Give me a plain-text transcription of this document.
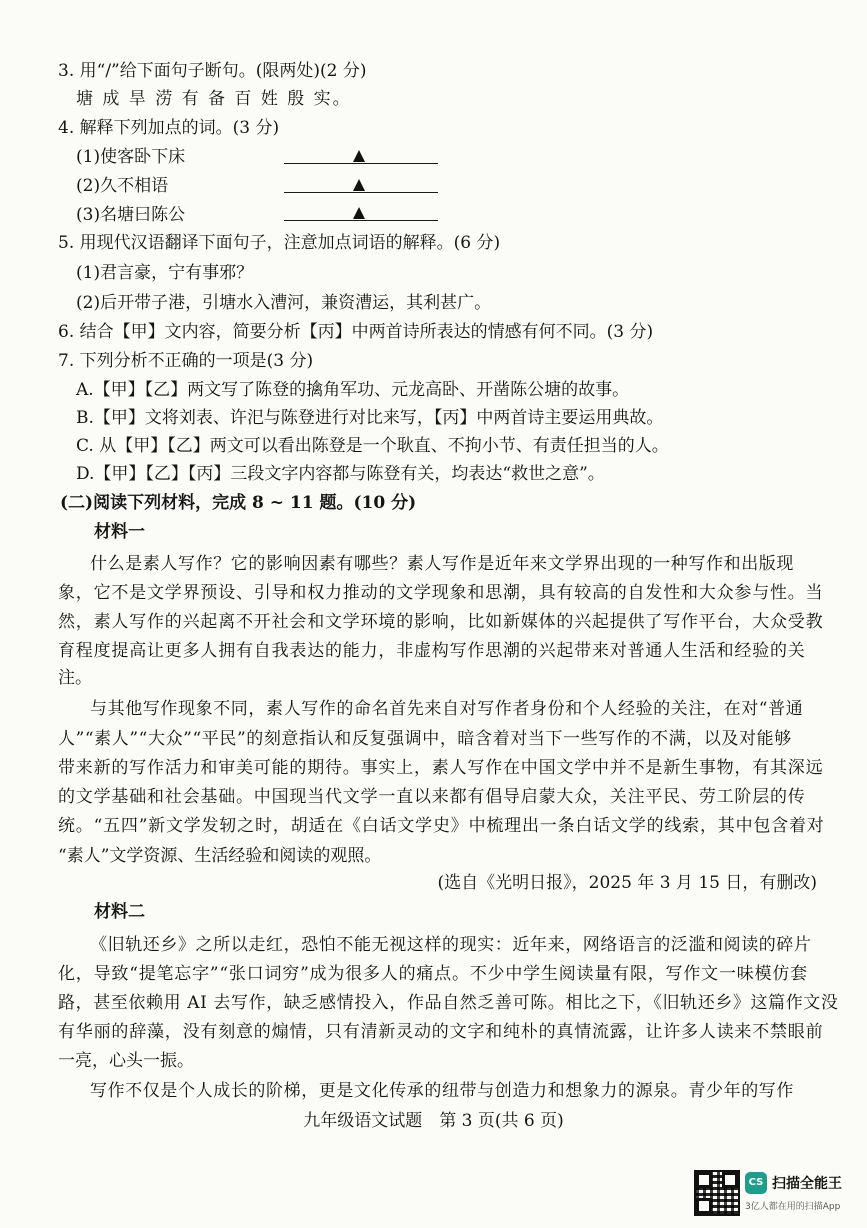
3. 用“/”给下面句子断句。(限两处)(2 分)
塘 成 旱 涝 有 备 百 姓 殷 实。
4. 解释下列加点的词。(3 分)
(1)使客卧下床
(2)久不相语
(3)名塘曰陈公
5. 用现代汉语翻译下面句子，注意加点词语的解释。(6 分)
(1)君言豪，宁有事邪？
(2)后开带子港，引塘水入漕河，兼资漕运，其利甚广。
6. 结合【甲】文内容，简要分析【丙】中两首诗所表达的情感有何不同。(3 分)
7. 下列分析不正确的一项是(3 分)
A.【甲】【乙】两文写了陈登的擒角军功、元龙高卧、开凿陈公塘的故事。
B.【甲】文将刘表、许汜与陈登进行对比来写，【丙】中两首诗主要运用典故。
C. 从【甲】【乙】两文可以看出陈登是一个耿直、不拘小节、有责任担当的人。
D.【甲】【乙】【丙】三段文字内容都与陈登有关，均表达“救世之意”。
(二)阅读下列材料，完成 8 ~ 11 题。(10 分)
材料一
什么是素人写作？它的影响因素有哪些？素人写作是近年来文学界出现的一种写作和出版现
象，它不是文学界预设、引导和权力推动的文学现象和思潮，具有较高的自发性和大众参与性。当
然，素人写作的兴起离不开社会和文学环境的影响，比如新媒体的兴起提供了写作平台，大众受教
育程度提高让更多人拥有自我表达的能力，非虚构写作思潮的兴起带来对普通人生活和经验的关
注。
与其他写作现象不同，素人写作的命名首先来自对写作者身份和个人经验的关注，在对“普通
人”“素人”“大众”“平民”的刻意指认和反复强调中，暗含着对当下一些写作的不满，以及对能够
带来新的写作活力和审美可能的期待。事实上，素人写作在中国文学中并不是新生事物，有其深远
的文学基础和社会基础。中国现当代文学一直以来都有倡导启蒙大众，关注平民、劳工阶层的传
统。“五四”新文学发轫之时，胡适在《白话文学史》中梳理出一条白话文学的线索，其中包含着对
“素人”文学资源、生活经验和阅读的观照。
(选自《光明日报》，2025 年 3 月 15 日，有删改)
材料二
《旧轨还乡》之所以走红，恐怕不能无视这样的现实：近年来，网络语言的泛滥和阅读的碎片
化，导致“提笔忘字”“张口词穷”成为很多人的痛点。不少中学生阅读量有限，写作文一味模仿套
路，甚至依赖用 AI 去写作，缺乏感情投入，作品自然乏善可陈。相比之下，《旧轨还乡》这篇作文没
有华丽的辞藻，没有刻意的煽情，只有清新灵动的文字和纯朴的真情流露，让许多人读来不禁眼前
一亮，心头一振。
写作不仅是个人成长的阶梯，更是文化传承的纽带与创造力和想象力的源泉。青少年的写作
九年级语文试题　第 3 页(共 6 页)
CS 扫描全能王
3亿人都在用的扫描App
